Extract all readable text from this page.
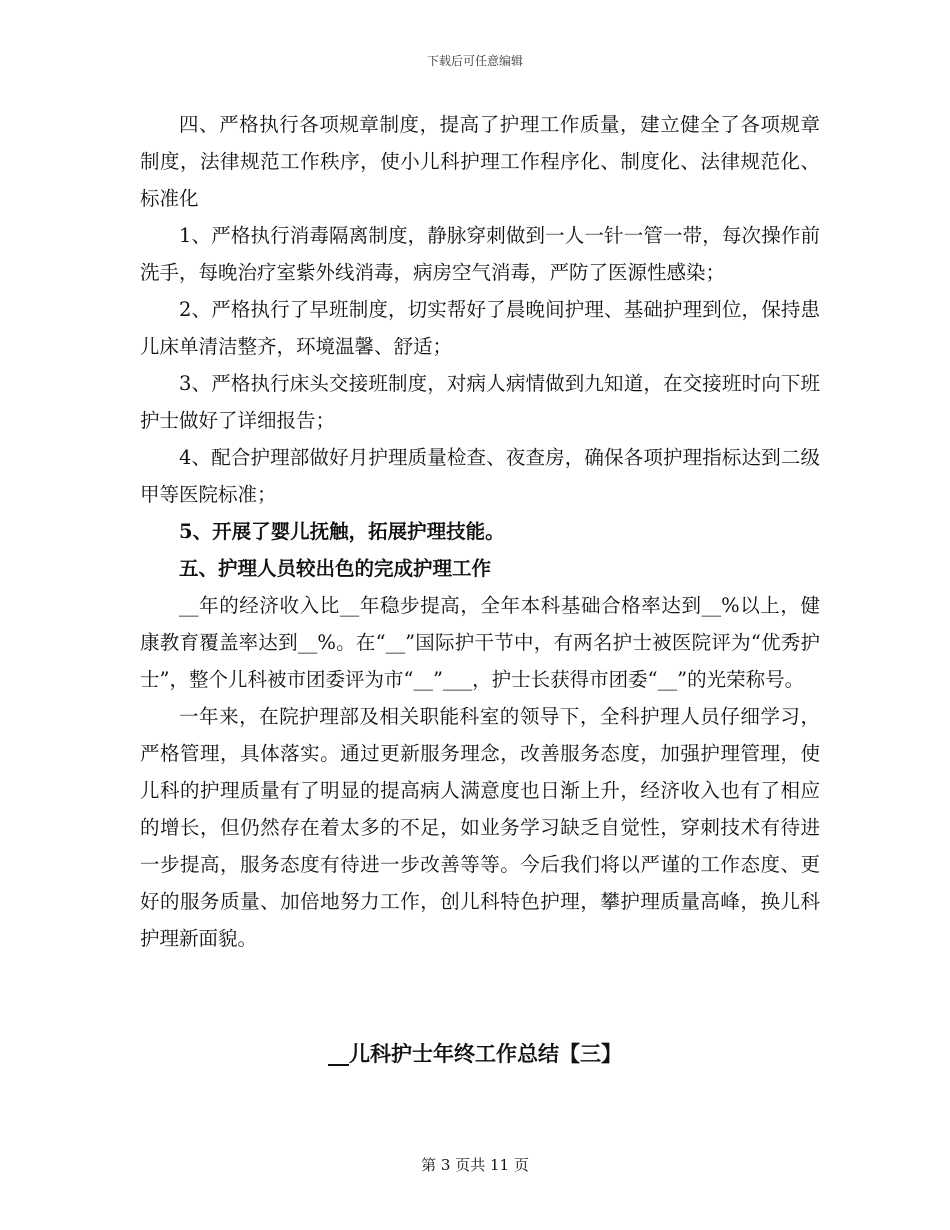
下载后可任意编辑

四、严格执行各项规章制度，提高了护理工作质量，建立健全了各项规章制度，法律规范工作秩序，使小儿科护理工作程序化、制度化、法律规范化、标准化

1、严格执行消毒隔离制度，静脉穿刺做到一人一针一管一带，每次操作前洗手，每晚治疗室紫外线消毒，病房空气消毒，严防了医源性感染；

2、严格执行了早班制度，切实帮好了晨晚间护理、基础护理到位，保持患儿床单清洁整齐，环境温馨、舒适；

3、严格执行床头交接班制度，对病人病情做到九知道，在交接班时向下班护士做好了详细报告；

4、配合护理部做好月护理质量检查、夜查房，确保各项护理指标达到二级甲等医院标准；

5、开展了婴儿抚触，拓展护理技能。

五、护理人员较出色的完成护理工作

__年的经济收入比__年稳步提高，全年本科基础合格率达到__%以上，健康教育覆盖率达到__%。在“__”国际护干节中，有两名护士被医院评为“优秀护士”，整个儿科被市团委评为市“__”___，护士长获得市团委“__”的光荣称号。

一年来，在院护理部及相关职能科室的领导下，全科护理人员仔细学习，严格管理，具体落实。通过更新服务理念，改善服务态度，加强护理管理，使儿科的护理质量有了明显的提高病人满意度也日渐上升，经济收入也有了相应的增长，但仍然存在着太多的不足，如业务学习缺乏自觉性，穿刺技术有待进一步提高，服务态度有待进一步改善等等。今后我们将以严谨的工作态度、更好的服务质量、加倍地努力工作，创儿科特色护理，攀护理质量高峰，换儿科护理新面貌。

__儿科护士年终工作总结【三】
第 3 页共 11 页
